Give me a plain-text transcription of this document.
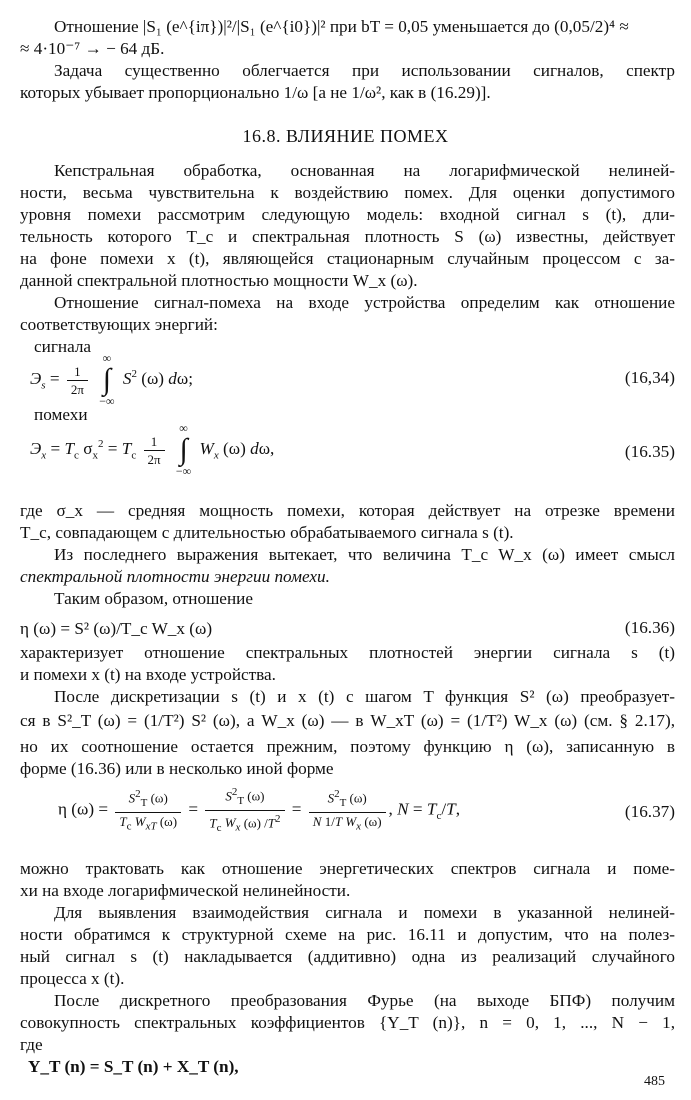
Отношение |S₁ (e^{iπ})|²/|S₁ (e^{i0})|² при bT = 0,05 уменьшается до (0,05/2)⁴ ≈
≈ 4·10⁻⁷ → − 64 дБ.
Задача существенно облегчается при использовании сигналов, спектр
которых убывает пропорционально 1/ω [а не 1/ω², как в (16.29)].
16.8. ВЛИЯНИЕ ПОМЕХ
Кепстральная обработка, основанная на логарифмической нелиней-
ности, весьма чувствительна к воздействию помех. Для оценки допустимого
уровня помехи рассмотрим следующую модель: входной сигнал s (t), дли-
тельность которого T_c и спектральная плотность S (ω) известны, действует
на фоне помехи x (t), являющейся стационарным случайным процессом с за-
данной спектральной плотностью мощности W_x (ω).
Отношение сигнал-помеха на входе устройства определим как отношение
соответствующих энергий:
сигнала
$Э_s = \frac{1}{2\pi}$

∞
∫
−∞
$S^2$ (ω) dω;	(16,34)
помехи
$Э_x = T_c$ $\sigma_x^2 = T_c \frac{1}{2\pi}$

∞
∫
−∞
$W_x$ (ω) dω,	(16.35)
где σ_x — средняя мощность помехи, которая действует на отрезке времени
T_c, совпадающем с длительностью обрабатываемого сигнала s (t).
Из последнего выражения вытекает, что величина T_c W_x (ω) имеет смысл
спектральной плотности энергии помехи.
Таким образом, отношение
η (ω) = S² (ω)/T_c W_x (ω)	(16.36)
характеризует отношение спектральных плотностей энергии сигнала s (t)
и помехи x (t) на входе устройства.
После дискретизации s (t) и x (t) с шагом T функция S² (ω) преобразует-
ся в S²_T (ω) = (1/T²) S² (ω), а W_x (ω) — в W_xT (ω) = (1/T²) W_x (ω) (см. § 2.17),
но их соотношение остается прежним, поэтому функцию η (ω), записанную в
форме (16.36) или в несколько иной форме
η $(\omega) = \frac{S^2_T (\omega)}{T_c W_{xT} (\omega)} = \frac{S^2_T (\omega)}{T_c W_x (\omega) /T^2} = \frac{S^2_T (\omega)}{N 1/T W_x (\omega)}$ , $N = T_c/T$,	(16.37)
можно трактовать как отношение энергетических спектров сигнала и поме-
хи на входе логарифмической нелинейности.
Для выявления взаимодействия сигнала и помехи в указанной нелиней-
ности обратимся к структурной схеме на рис. 16.11 и допустим, что на полез-
ный сигнал s (t) накладывается (аддитивно) одна из реализаций случайного
процесса x (t).
После дискретного преобразования Фурье (на выходе БПФ) получим
совокупность спектральных коэффициентов {Y_T (n)}, n = 0, 1, ..., N − 1,
где
Y_T (n) = S_T (n) + X_T (n),
485
